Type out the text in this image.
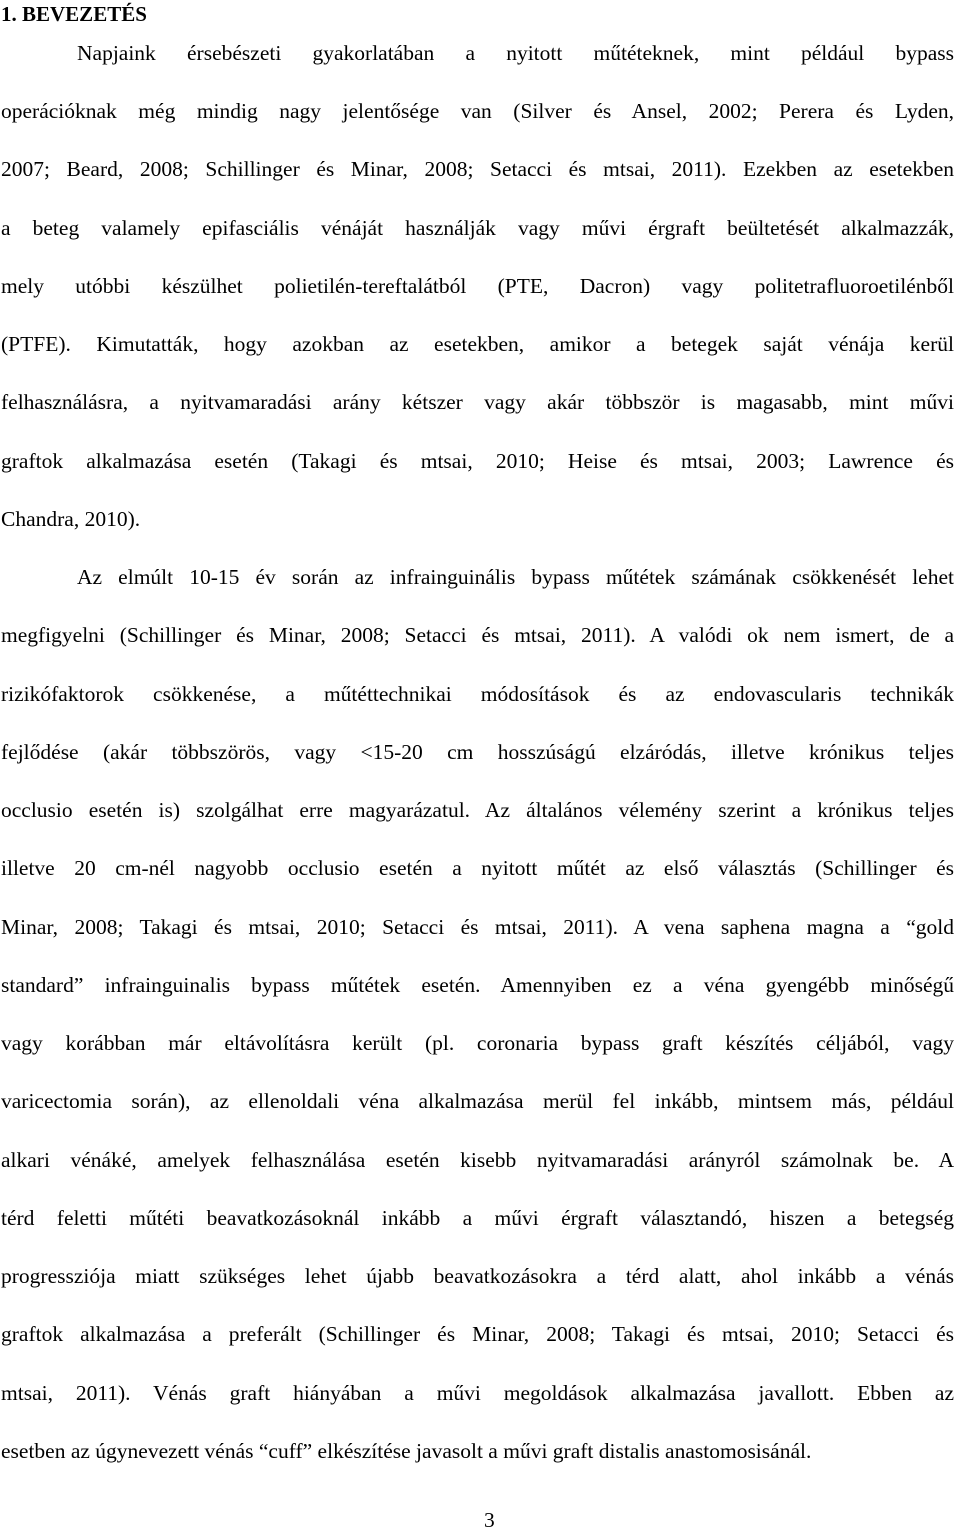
1. BEVEZETÉS

Napjaink érsebészeti gyakorlatában a nyitott műtéteknek, mint például bypass

operációknak még mindig nagy jelentősége van (Silver és Ansel, 2002; Perera és Lyden,

2007; Beard, 2008; Schillinger és Minar, 2008; Setacci és mtsai, 2011). Ezekben az esetekben

a beteg valamely epifasciális vénáját használják vagy művi érgraft beültetését alkalmazzák,

mely utóbbi készülhet polietilén-tereftalátból (PTE, Dacron) vagy politetrafluoroetilénből

(PTFE). Kimutatták, hogy azokban az esetekben, amikor a betegek saját vénája kerül

felhasználásra, a nyitvamaradási arány kétszer vagy akár többször is magasabb, mint művi

graftok alkalmazása esetén (Takagi és mtsai, 2010; Heise és mtsai, 2003; Lawrence és

Chandra, 2010).

Az elmúlt 10-15 év során az infrainguinális bypass műtétek számának csökkenését lehet

megfigyelni (Schillinger és Minar, 2008; Setacci és mtsai, 2011). A valódi ok nem ismert, de a

rizikófaktorok csökkenése, a műtéttechnikai módosítások és az endovascularis technikák

fejlődése (akár többszörös, vagy <15-20 cm hosszúságú elzáródás, illetve krónikus teljes

occlusio esetén is) szolgálhat erre magyarázatul. Az általános vélemény szerint a krónikus teljes

illetve 20 cm-nél nagyobb occlusio esetén a nyitott műtét az első választás (Schillinger és

Minar, 2008; Takagi és mtsai, 2010; Setacci és mtsai, 2011). A vena saphena magna a “gold

standard” infrainguinalis bypass műtétek esetén. Amennyiben ez a véna gyengébb minőségű

vagy korábban már eltávolításra került (pl. coronaria bypass graft készítés céljából, vagy

varicectomia során), az ellenoldali véna alkalmazása merül fel inkább, mintsem más, például

alkari vénáké, amelyek felhasználása esetén kisebb nyitvamaradási arányról számolnak be. A

térd feletti műtéti beavatkozásoknál inkább a művi érgraft választandó, hiszen a betegség

progressziója miatt szükséges lehet újabb beavatkozásokra a térd alatt, ahol inkább a vénás

graftok alkalmazása a preferált (Schillinger és Minar, 2008; Takagi és mtsai, 2010; Setacci és

mtsai, 2011). Vénás graft hiányában a művi megoldások alkalmazása javallott. Ebben az

esetben az úgynevezett vénás “cuff” elkészítése javasolt a művi graft distalis anastomosisánál.

3
